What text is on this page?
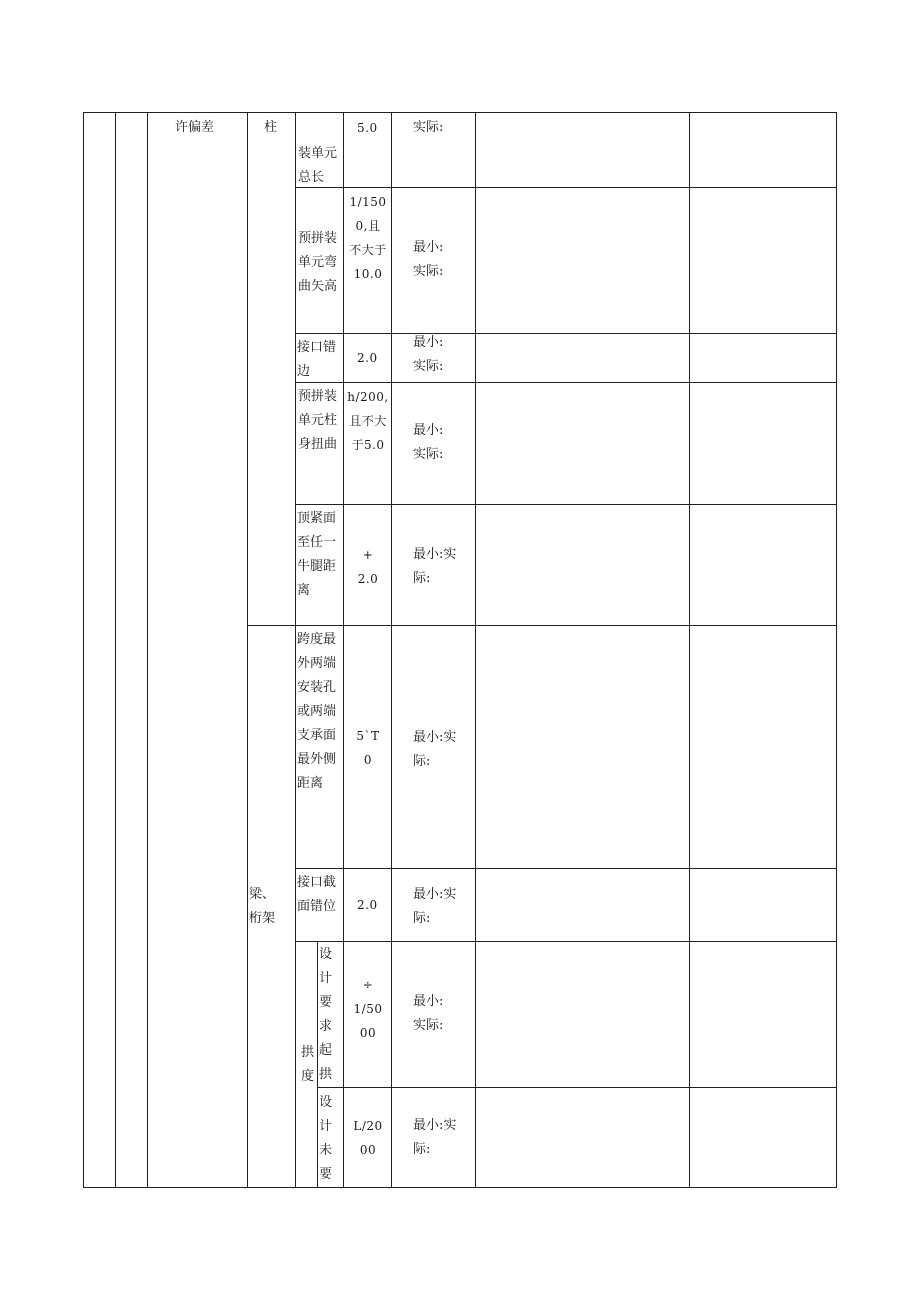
许偏差	柱
梁、
桁架
装单元
总长
5.0	实际:
预拼装
单元弯
曲矢高
1/150
0,且
不大于
10.0
最小:
实际:
接口错
边
2.0
最小:
实际:
预拼装
单元柱
身扭曲
h/200,
且不大
于5.0
最小:
实际:
顶紧面
至任一
牛腿距
离
+
2.0
最小:实
际:
跨度最
外两端
安装孔
或两端
支承面
最外侧
距离
5`T
0
最小:实
际:
接口截
面错位 2.0
最小:实
际:
拱
度
设
计
要
求
起
拱
÷
1/50
00
最小:
实际:
设
计
未
要
L/20
00
最小:实
际:
